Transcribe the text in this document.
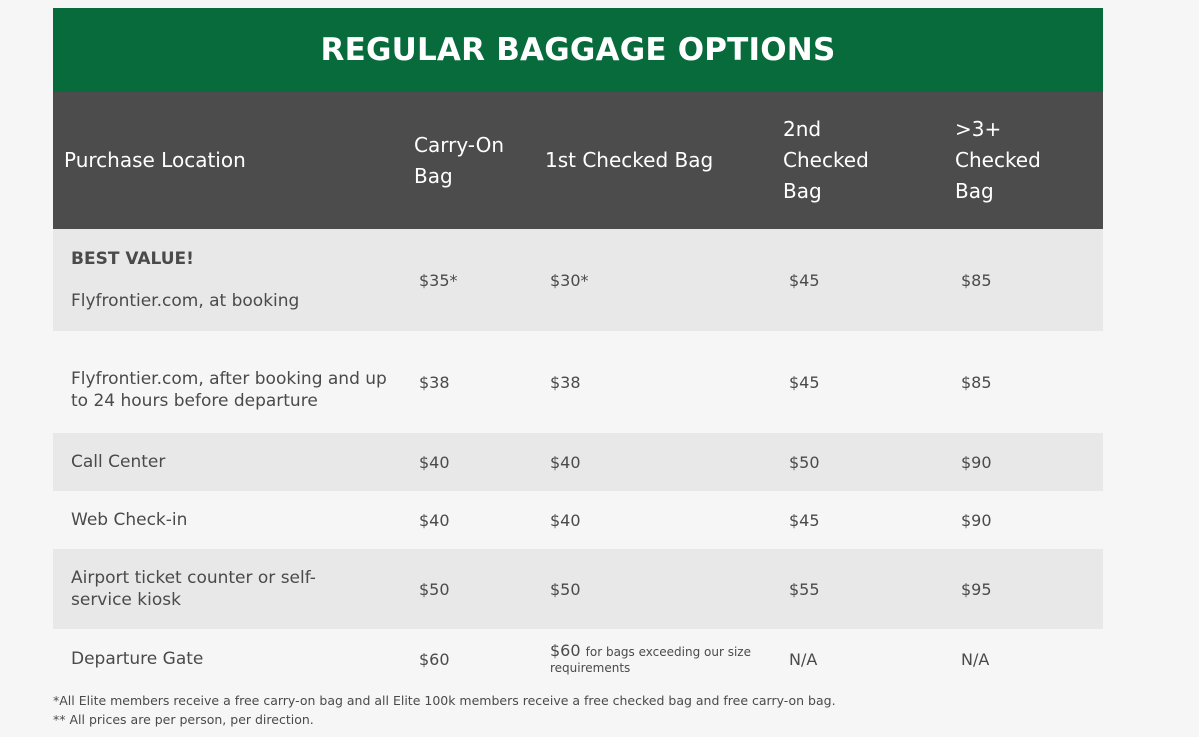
REGULAR BAGGAGE OPTIONS
Purchase Location	Carry-On Bag	1st Checked Bag	2nd Checked Bag	>3+ Checked Bag

BEST VALUE!
Flyfrontier.com, at booking	$35*	$30*	$45	$85

Flyfrontier.com, after booking and up to 24 hours before departure	$38	$38	$45	$85

Call Center	$40	$40	$50	$90

Web Check-in	$40	$40	$45	$90

Airport ticket counter or self-service kiosk	$50	$50	$55	$95

Departure Gate	$60	$60 for bags exceeding our size requirements	N/A	N/A
*All Elite members receive a free carry-on bag and all Elite 100k members receive a free checked bag and free carry-on bag.
** All prices are per person, per direction.
